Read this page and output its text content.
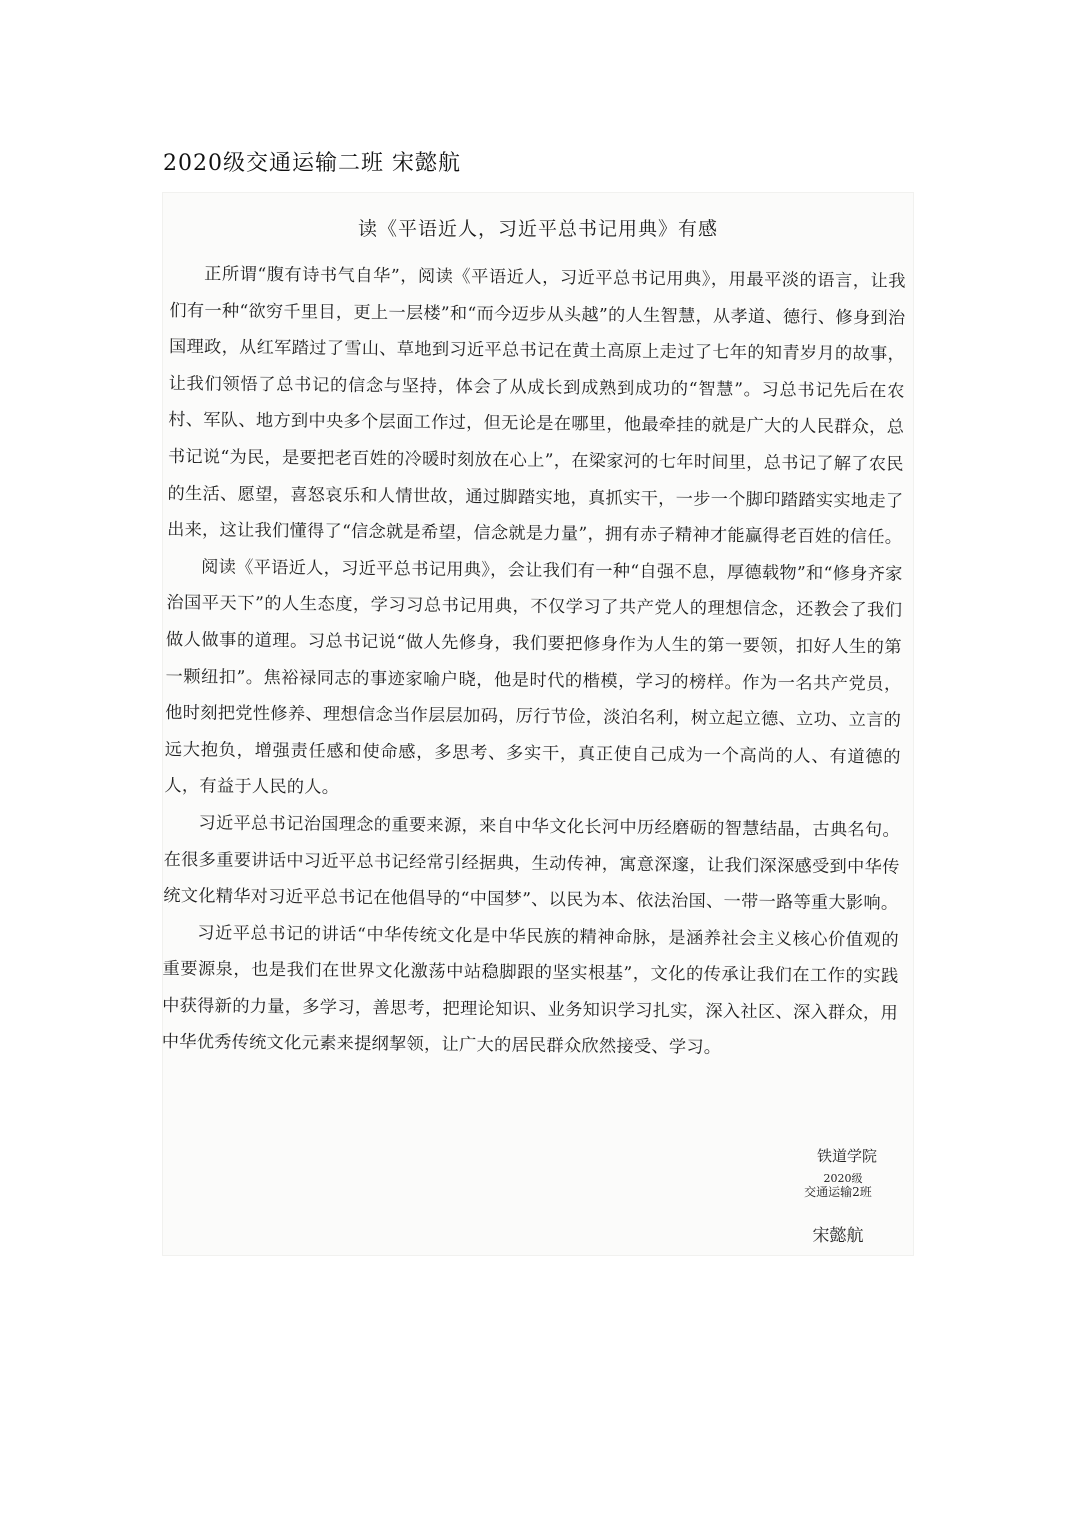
2020级交通运输二班 宋懿航
读《平语近人，习近平总书记用典》有感

正所谓“腹有诗书气自华”，阅读《平语近人，习近平总书记用典》，用最平淡的语言，让我们有一种“欲穷千里目，更上一层楼”和“而今迈步从头越”的人生智慧，从孝道、德行、修身到治国理政，从红军踏过了雪山、草地到习近平总书记在黄土高原上走过了七年的知青岁月的故事，让我们领悟了总书记的信念与坚持，体会了从成长到成熟到成功的“智慧”。习总书记先后在农村、军队、地方到中央多个层面工作过，但无论是在哪里，他最牵挂的就是广大的人民群众，总书记说“为民，是要把老百姓的冷暖时刻放在心上”，在梁家河的七年时间里，总书记了解了农民的生活、愿望，喜怒哀乐和人情世故，通过脚踏实地，真抓实干，一步一个脚印踏踏实实地走了出来，这让我们懂得了“信念就是希望，信念就是力量”，拥有赤子精神才能赢得老百姓的信任。

阅读《平语近人，习近平总书记用典》，会让我们有一种“自强不息，厚德载物”和“修身齐家治国平天下”的人生态度，学习习总书记用典，不仅学习了共产党人的理想信念，还教会了我们做人做事的道理。习总书记说“做人先修身，我们要把修身作为人生的第一要领，扣好人生的第一颗纽扣”。焦裕禄同志的事迹家喻户晓，他是时代的楷模，学习的榜样。作为一名共产党员，他时刻把党性修养、理想信念当作层层加码，厉行节俭，淡泊名利，树立起立德、立功、立言的远大抱负，增强责任感和使命感，多思考、多实干，真正使自己成为一个高尚的人、有道德的人，有益于人民的人。

习近平总书记治国理念的重要来源，来自中华文化长河中历经磨砺的智慧结晶，古典名句。在很多重要讲话中习近平总书记经常引经据典，生动传神，寓意深邃，让我们深深感受到中华传统文化精华对习近平总书记在他倡导的“中国梦”、以民为本、依法治国、一带一路等重大影响。

习近平总书记的讲话“中华传统文化是中华民族的精神命脉，是涵养社会主义核心价值观的重要源泉，也是我们在世界文化激荡中站稳脚跟的坚实根基”，文化的传承让我们在工作的实践中获得新的力量，多学习，善思考，把理论知识、业务知识学习扎实，深入社区、深入群众，用中华优秀传统文化元素来提纲挈领，让广大的居民群众欣然接受、学习。

铁道学院
2020级
交通运输2班
宋懿航
